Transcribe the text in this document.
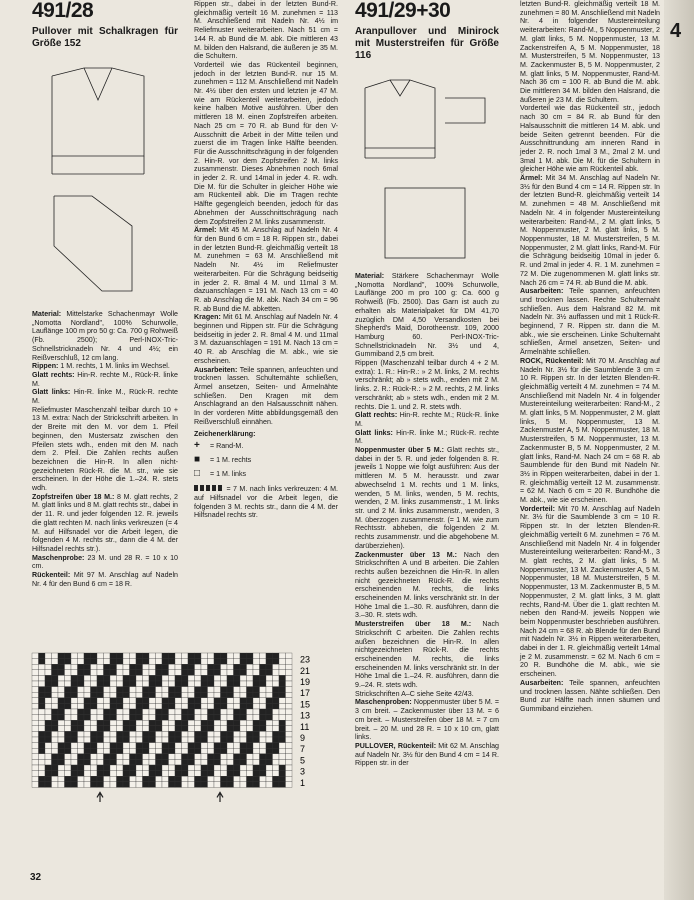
491/28
Pullover mit Schalkragen für Größe 152

Material: Mittelstarke Schachenmayr Wolle „Nomotta Nordland", 100% Schurwolle, Lauflänge 100 m pro 50 g: Ca. 700 g Rohweiß (Fb. 2500); Perl-INOX-Tric-Schnellstricknadeln Nr. 4 und 4½; ein Reißverschluß, 12 cm lang.

Rippen: 1 M. rechts, 1 M. links im Wechsel.

Glatt rechts: Hin-R. rechte M., Rück-R. linke M.

Glatt links: Hin-R. linke M., Rück-R. rechte M.

Reliefmuster Maschenzahl teilbar durch 10 + 13 M. extra: Nach der Strickschrift arbeiten. In der Breite mit den M. vor dem 1. Pfeil beginnen, den Mustersatz zwischen den Pfeilen stets wdh., enden mit den M. nach dem 2. Pfeil. Die Zahlen rechts außen bezeichnen die Hin-R. In allen nicht-gezeichneten Rück-R. die M. str., wie sie erscheinen. In der Höhe die 1.–24. R. stets wdh.

Zopfstreifen über 18 M.: 8 M. glatt rechts, 2 M. glatt links und 8 M. glatt rechts str., dabei in der 11. R. und jeder folgenden 12. R. jeweils die glatt rechten M. nach links verkreuzen (= 4 M. auf Hilfsnadel vor die Arbeit legen, die folgenden 4 M. rechts str., dann die 4 M. der Hilfsnadel rechts str.).

Maschenprobe: 23 M. und 28 R. = 10 x 10 cm.

Rückenteil: Mit 97 M. Anschlag auf Nadeln Nr. 4 für den Bund 6 cm = 18 R.

Rippen str., dabei in der letzten Bund-R. gleichmäßig verteilt 16 M. zunehmen = 113 M. Anschließend mit Nadeln Nr. 4½ im Reliefmuster weiterarbeiten. Nach 51 cm = 144 R. ab Bund die M. abk. Die mittleren 43 M. bilden den Halsrand, die äußeren je 35 M. die Schultern.

Vorderteil wie das Rückenteil beginnen, jedoch in der letzten Bund-R. nur 15 M. zunehmen = 112 M. Anschließend mit Nadeln Nr. 4½ über den ersten und letzten je 47 M. wie am Rückenteil weiterarbeiten, jedoch keine halben Motive ausführen. Über den mittleren 18 M. einen Zopfstreifen arbeiten. Nach 25 cm = 70 R. ab Bund für den V-Ausschnitt die Arbeit in der Mitte teilen und zuerst die im Tragen linke Hälfte beenden. Für die Ausschnittschrägung in der folgenden 2. Hin-R. vor dem Zopfstreifen 2 M. links zusammenstr. Dieses Abnehmen noch 6mal in jeder 2. R. und 14mal in jeder 4. R. wdh. Die M. für die Schulter in gleicher Höhe wie am Rückenteil abk. Die im Tragen rechte Hälfte gegengleich beenden, jedoch für das Abnehmen der Ausschnittschrägung nach dem Zopfstreifen 2 M. links zusammenstr.

Ärmel: Mit 45 M. Anschlag auf Nadeln Nr. 4 für den Bund 6 cm = 18 R. Rippen str., dabei in der letzten Bund-R. gleichmäßig verteilt 18 M. zunehmen = 63 M. Anschließend mit Nadeln Nr. 4½ im Reliefmuster weiterarbeiten. Für die Schrägung beidseitig in jeder 2. R. 8mal 4 M. und 11mal 3 M. dazuanschlagen = 191 M. Nach 13 cm = 40 R. ab Anschlag die M. abk. Nach 34 cm = 96 R. ab Bund die M. abketten.

Kragen: Mit 61 M. Anschlag auf Nadeln Nr. 4 beginnen und Rippen str. Für die Schrägung beidseitig in jeder 2. R. 8mal 4 M. und 11mal 3 M. dazuanschlagen = 191 M. Nach 13 cm = 40 R. ab Anschlag die M. abk., wie sie erscheinen.

Ausarbeiten: Teile spannen, anfeuchten und trocknen lassen. Schulternähte schließen, Ärmel ansetzen, Seiten- und Ärmelnähte schließen. Den Kragen mit dem Anschlagrand an den Halsausschnitt nähen. In der vorderen Mitte abbildungsgemäß den Reißverschluß einnähen.

Zeichenerklärung:

+	= Rand-M.
■	= 1 M. rechts
□	= 1 M. links

= 7 M. nach links verkreuzen: 4 M. auf Hilfsnadel vor die Arbeit legen, die folgenden 3 M. rechts str., dann die 4 M. der Hilfsnadel rechts str.

491/29+30
Aranpullover und Minirock mit Musterstreifen für Größe 116

Material: Stärkere Schachenmayr Wolle „Nomotta Nordland", 100% Schurwolle, Lauflänge 200 m pro 100 g: Ca. 600 g Rohweiß (Fb. 2500). Das Garn ist auch zu erhalten als Materialpaket für DM 41,70 zuzüglich DM 4,50 Versandkosten bei Shepherd's Maid, Dorotheenstr. 109, 2000 Hamburg 60. Perl-INOX-Tric-Schnellstricknadeln Nr. 3½ und 4, Gummiband 2,5 cm breit.

Rippen (Maschenzahl teilbar durch 4 + 2 M. extra): 1. R.: Hin-R.: » 2 M. links, 2 M. rechts verschränkt; ab » stets wdh., enden mit 2 M. links. 2. R.: Rück-R.: » 2 M. rechts, 2 M. links verschränkt; ab » stets wdh., enden mit 2 M. rechts. Die 1. und 2. R. stets wdh.

Glatt rechts: Hin-R. rechte M.; Rück-R. linke M.

Glatt links: Hin-R. linke M.; Rück-R. rechte M.

Noppenmuster über 5 M.: Glatt rechts str., dabei in der 5. R. und jeder folgenden 8. R. jeweils 1 Noppe wie folgt ausführen: Aus der mittleren M. 5 M. herausstr. und zwar abwechselnd 1 M. rechts und 1 M. links, wenden, 5 M. links, wenden, 5 M. rechts, wenden, 2 M. links zusammenstr., 1 M. links str. und 2 M. links zusammenstr., wenden, 3 M. überzogen zusammenstr. (= 1 M. wie zum Rechtsstr. abheben, die folgenden 2 M. rechts zusammenstr. und die abgehobene M. darüberziehen).

Zackenmuster über 13 M.: Nach den Strickschriften A und B arbeiten. Die Zahlen rechts außen bezeichnen die Hin-R. In allen nicht gezeichneten Rück-R. die rechts erscheinenden M. rechts, die links erscheinenden M. links verschränkt str. In der Höhe 1mal die 1.–30. R. ausführen, dann die 3.–30. R. stets wdh.

Musterstreifen über 18 M.: Nach Strickschrift C arbeiten. Die Zahlen rechts außen bezeichnen die Hin-R. In allen nichtgezeichneten Rück-R. die rechts erscheinenden M. rechts, die links erscheinenden M. links verschränkt str. In der Höhe 1mal die 1.–24. R. ausführen, dann die 9.–24. R. stets wdh.

Strickschriften A–C siehe Seite 42/43.

Maschenproben: Noppenmuster über 5 M. = 3 cm breit. – Zackenmuster über 13 M. = 6 cm breit. – Musterstreifen über 18 M. = 7 cm breit. – 20 M. und 28 R. = 10 x 10 cm, glatt links.

PULLOVER, Rückenteil: Mit 62 M. Anschlag auf Nadeln Nr. 3½ für den Bund 4 cm = 14 R. Rippen str. in der

letzten Bund-R. gleichmäßig verteilt 18 M. zunehmen = 80 M. Anschließend mit Nadeln Nr. 4 in folgender Mustereinteilung weiterarbeiten: Rand-M., 5 Noppenmuster, 2 M. glatt links, 5 M. Noppenmuster, 13 M. Zackenstreifen A, 5 M. Noppenmuster, 18 M. Musterstreifen, 5 M. Noppenmuster, 13 M. Zackenmuster B, 5 M. Noppenmuster, 2 M. glatt links, 5 M. Noppenmuster, Rand-M. Nach 36 cm = 100 R. ab Bund die M. abk. Die mittleren 34 M. bilden den Halsrand, die äußeren je 23 M. die Schultern.

Vorderteil wie das Rückenteil str., jedoch nach 30 cm = 84 R. ab Bund für den Halsausschnitt die mittleren 14 M. abk. und beide Seiten getrennt beenden. Für die Ausschnittrundung am inneren Rand in jeder 2. R. noch 1mal 3 M., 2mal 2 M. und 3mal 1 M. abk. Die M. für die Schultern in gleicher Höhe wie am Rückenteil abk.

Ärmel: Mit 34 M. Anschlag auf Nadeln Nr. 3½ für den Bund 4 cm = 14 R. Rippen str. In der letzten Bund-R. gleichmäßig verteilt 14 M. zunehmen = 48 M. Anschließend mit Nadeln Nr. 4 in folgender Mustereinteilung weiterarbeiten: Rand-M., 2 M. glatt links, 5 M. Noppenmuster, 2 M. glatt links, 5 M. Noppenmuster, 18 M. Musterstreifen, 5 M. Noppenmuster, 2 M. glatt links, Rand-M. Für die Schrägung beidseitig 10mal in jeder 6. R. und 2mal in jeder 4. R. 1 M. zunehmen = 72 M. Die zugenommenen M. glatt links str. Nach 26 cm = 74 R. ab Bund die M. abk.

Ausarbeiten: Teile spannen, anfeuchten und trocknen lassen. Rechte Schulternaht schließen. Aus dem Halsrand 82 M. mit Nadeln Nr. 3½ auffassen und mit 1 Rück-R. beginnend, 7 R. Rippen str. dann die M. abk., wie sie erscheinen. Linke Schulternaht schließen, Ärmel ansetzen, Seiten- und Ärmelnähte schließen.

ROCK, Rückenteil: Mit 70 M. Anschlag auf Nadeln Nr. 3½ für die Saumblende 3 cm = 10 R. Rippen str. In der letzten Blenden-R. gleichmäßig verteilt 4 M. zunehmen = 74 M. Anschließend mit Nadeln Nr. 4 in folgender Mustereinteilung weiterarbeiten: Rand-M., 2 M. glatt links, 5 M. Noppenmuster, 2 M. glatt links, 5 M. Noppenmuster, 13 M. Zackenmuster A, 5 M. Noppenmuster, 18 M. Musterstreifen, 5 M. Noppenmuster, 13 M. Zackenmuster B, 5 M. Noppenmuster, 2 M. glatt links, Rand-M. Nach 24 cm = 68 R. ab Saumblende für den Bund mit Nadeln Nr. 3½ in Rippen weiterarbeiten, dabei in der 1. R. gleichmäßig verteilt 12 M. zusammenstr. = 62 M. Nach 6 cm = 20 R. Bundhöhe die M. abk., wie sie erscheinen.

Vorderteil: Mit 70 M. Anschlag auf Nadeln Nr. 3½ für die Saumblende 3 cm = 10 R. Rippen str. In der letzten Blenden-R. gleichmäßig verteilt 6 M. zunehmen = 76 M. Anschließend mit Nadeln Nr. 4 in folgender Mustereinteilung weiterarbeiten: Rand-M., 3 M. glatt rechts, 2 M. glatt links, 5 M. Noppenmuster, 13 M. Zackenmuster A, 5 M. Noppenmuster, 18 M. Musterstreifen, 5 M. Noppenmuster, 13 M. Zackenmuster B, 5 M. Noppenmuster, 2 M. glatt links, 3 M. glatt rechts, Rand-M. Über die 1. glatt rechten M. neben den Rand-M. jeweils Noppen wie beim Noppenmuster beschrieben ausführen. Nach 24 cm = 68 R. ab Blende für den Bund mit Nadeln Nr. 3½ in Rippen weiterarbeiten, dabei in der 1. R. gleichmäßig verteilt 14mal je 2 M. zusammenstr. = 62 M. Nach 6 cm = 20 R. Bundhöhe die M. abk., wie sie erscheinen.

Ausarbeiten: Teile spannen, anfeuchten und trocknen lassen. Nähte schließen. Den Bund zur Hälfte nach innen säumen und Gummiband einziehen.

23
21
19
17
15
13
11
9
7
5
3
1
32
4
